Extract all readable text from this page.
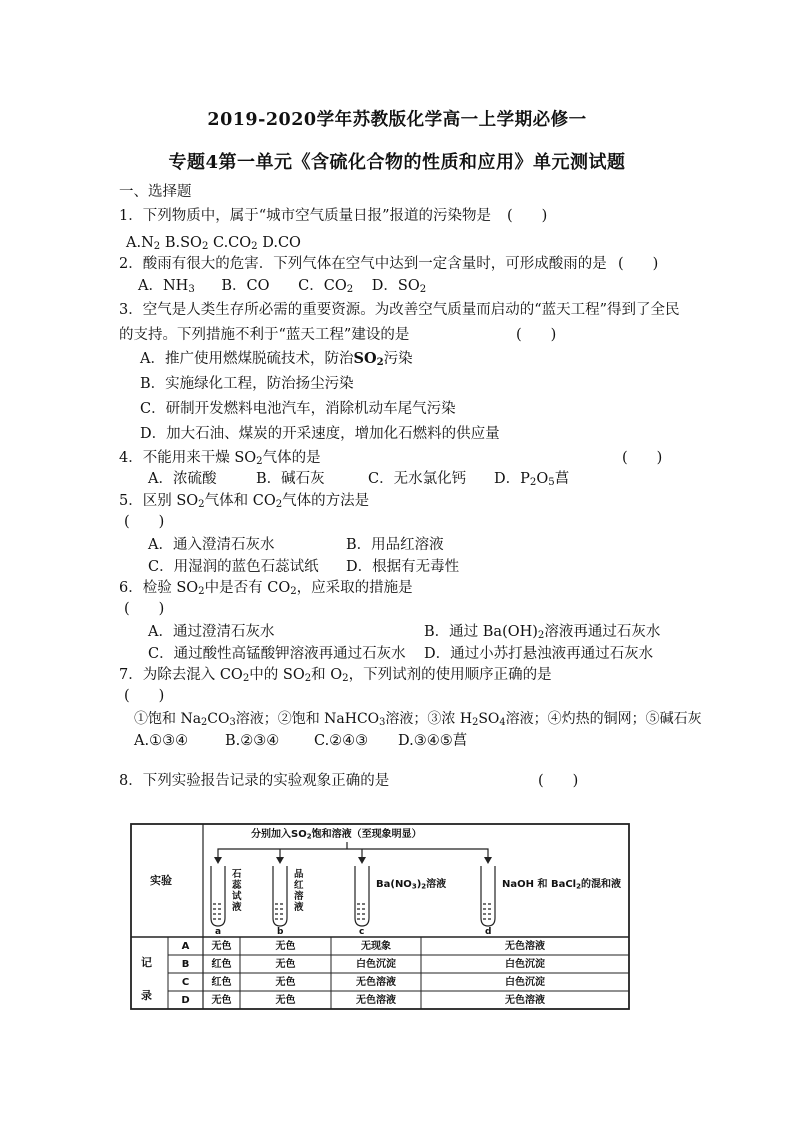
2019-2020学年苏教版化学高一上学期必修一
专题4第一单元《含硫化合物的性质和应用》单元测试题
一、选择题
1．下列物质中，属于“城市空气质量日报”报道的污染物是 (　　)
$A.N_2$ $B.SO_2$ $C.CO_2$ D.CO
2．酸雨有很大的危害．下列气体在空气中达到一定含量时，可形成酸雨的是 (　　)
A．$NH_3$ B．CO C．$CO_2$ D．$SO_2$
3．空气是人类生存所必需的重要资源。为改善空气质量而启动的“蓝天工程”得到了全民
的支持。下列措施不利于“蓝天工程”建设的是	(　　)
A．推广使用燃煤脱硫技术，防治$SO_2$污染
B．实施绿化工程，防治扬尘污染
C．研制开发燃料电池汽车，消除机动车尾气污染
D．加大石油、煤炭的开采速度，增加化石燃料的供应量
4．不能用来干燥 $SO_2$气体的是	(　　)
A．浓硫酸	B．碱石灰	C．无水氯化钙 D．$P_2O_5$菖
5．区别 $SO_2$气体和 $CO_2$气体的方法是
(　　)
A．通入澄清石灰水	B．用品红溶液
C．用湿润的蓝色石蕊试纸 D．根据有无毒性
6．检验 $SO_2$中是否有 $CO_2$，应采取的措施是
(　　)
A．通过澄清石灰水	B．通过 $Ba(OH)_2$溶液再通过石灰水
C．通过酸性高锰酸钾溶液再通过石灰水 D．通过小苏打悬浊液再通过石灰水
7．为除去混入 $CO_2$中的 $SO_2$和 $O_2$，下列试剂的使用顺序正确的是
(　　)
①饱和 $Na_2CO_3$溶液；②饱和 NaHCO$_3$溶液；③浓 $H_2SO_4$溶液；④灼热的铜网；⑤碱石灰
A.①③④	B.②③④ C.②④③ D.③④⑤菖
8．下列实验报告记录的实验观象正确的是	(　　)
分别加入$SO_2$饱和溶液（至现象明显）
实验
记
录
石
蕊
试
液
品
红
溶
液
$Ba(NO_3)_2$溶液	NaOH 和 BaCl$_2$的混和液
a	b	c	d
A	无色	无色	无现象	无色溶液
B	红色	无色	白色沉淀	白色沉淀
C	红色	无色	无色溶液	白色沉淀
D	无色	无色	无色溶液	无色溶液
